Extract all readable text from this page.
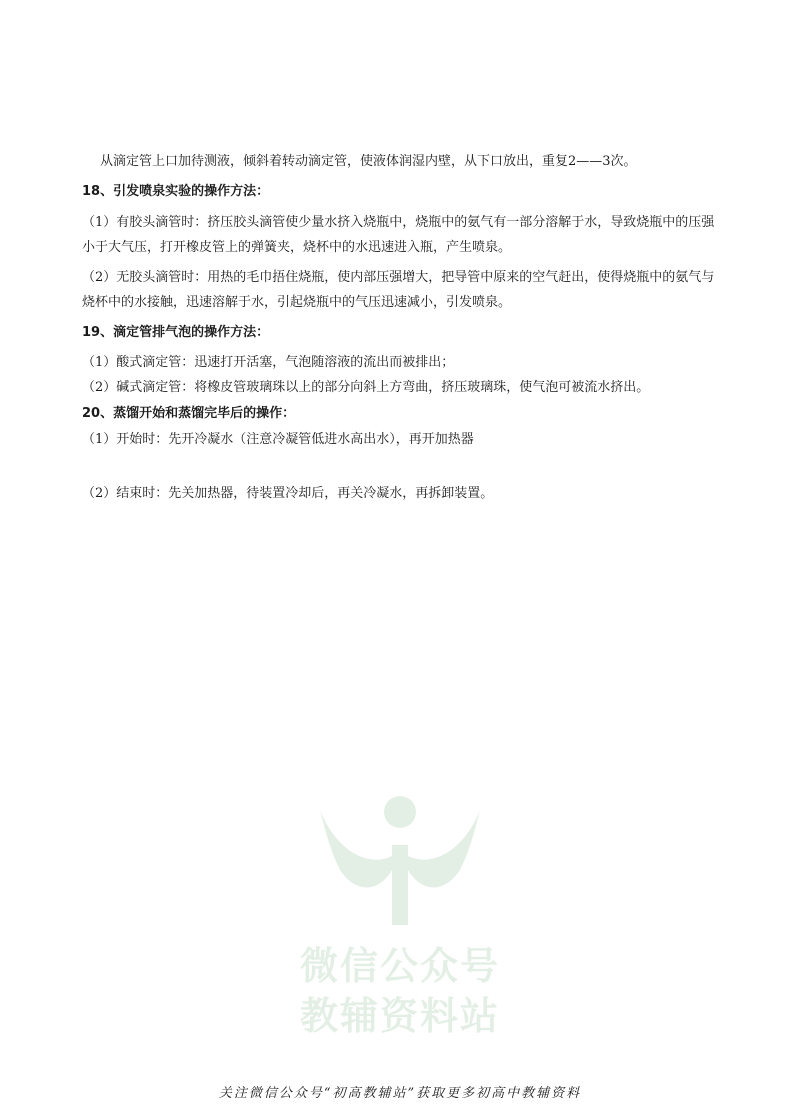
从滴定管上口加待测液，倾斜着转动滴定管，使液体润湿内壁，从下口放出，重复2——3次。
18、引发喷泉实验的操作方法：
（1）有胶头滴管时：挤压胶头滴管使少量水挤入烧瓶中，烧瓶中的氨气有一部分溶解于水，导致烧瓶中的压强
小于大气压，打开橡皮管上的弹簧夹，烧杯中的水迅速进入瓶，产生喷泉。
（2）无胶头滴管时：用热的毛巾捂住烧瓶，使内部压强增大，把导管中原来的空气赶出，使得烧瓶中的氨气与
烧杯中的水接触，迅速溶解于水，引起烧瓶中的气压迅速减小，引发喷泉。
19、滴定管排气泡的操作方法：
（1）酸式滴定管：迅速打开活塞，气泡随溶液的流出而被排出；
（2）碱式滴定管：将橡皮管玻璃珠以上的部分向斜上方弯曲，挤压玻璃珠，使气泡可被流水挤出。
20、蒸馏开始和蒸馏完毕后的操作：
（1）开始时：先开冷凝水（注意冷凝管低进水高出水），再开加热器
（2）结束时：先关加热器，待装置冷却后，再关冷凝水，再拆卸装置。
微信公众号
教辅资料站
关注微信公众号“初高教辅站”获取更多初高中教辅资料
